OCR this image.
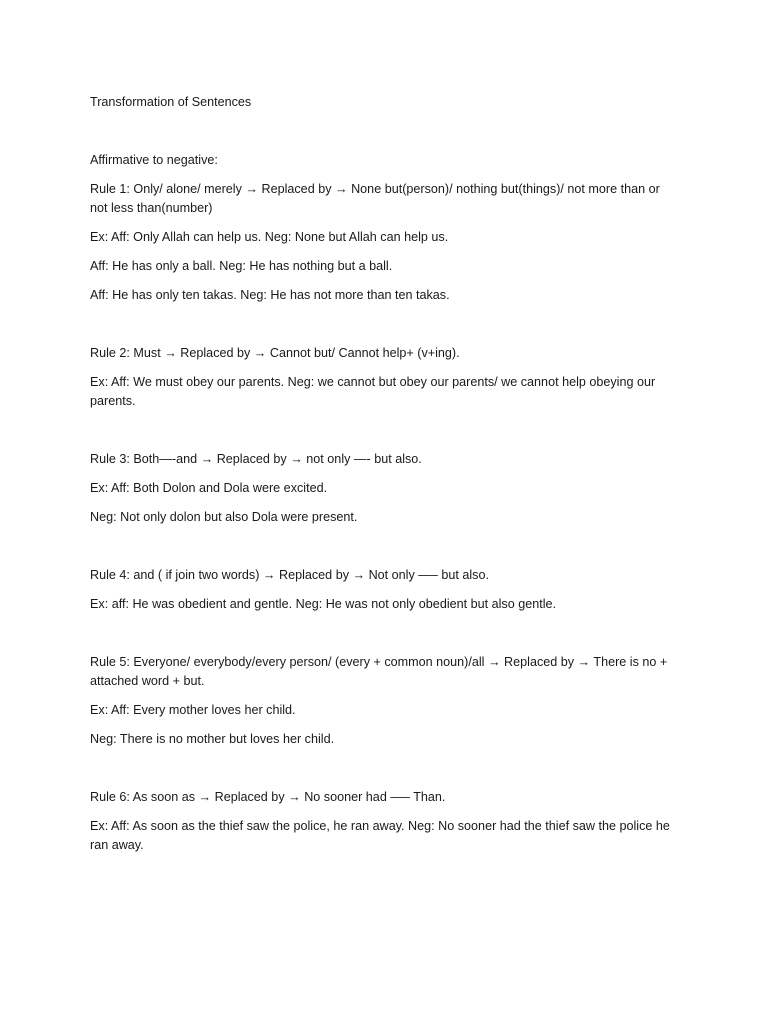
Transformation of Sentences

Affirmative to negative:

Rule 1: Only/ alone/ merely → Replaced by → None but(person)/ nothing but(things)/ not more than or not less than(number)

Ex: Aff: Only Allah can help us. Neg: None but Allah can help us.

Aff: He has only a ball. Neg: He has nothing but a ball.

Aff: He has only ten takas. Neg: He has not more than ten takas.

Rule 2: Must → Replaced by → Cannot but/ Cannot help+ (v+ing).

Ex: Aff: We must obey our parents. Neg: we cannot but obey our parents/ we cannot help obeying our parents.

Rule 3: Both—-and → Replaced by → not only —- but also.

Ex: Aff: Both Dolon and Dola were excited.

Neg: Not only dolon but also Dola were present.

Rule 4: and ( if join two words) → Replaced by → Not only —– but also.

Ex: aff: He was obedient and gentle. Neg: He was not only obedient but also gentle.

Rule 5: Everyone/ everybody/every person/ (every + common noun)/all → Replaced by → There is no + attached word + but.

Ex: Aff: Every mother loves her child.

Neg: There is no mother but loves her child.

Rule 6: As soon as → Replaced by → No sooner had —– Than.

Ex: Aff: As soon as the thief saw the police, he ran away. Neg: No sooner had the thief saw the police he ran away.
